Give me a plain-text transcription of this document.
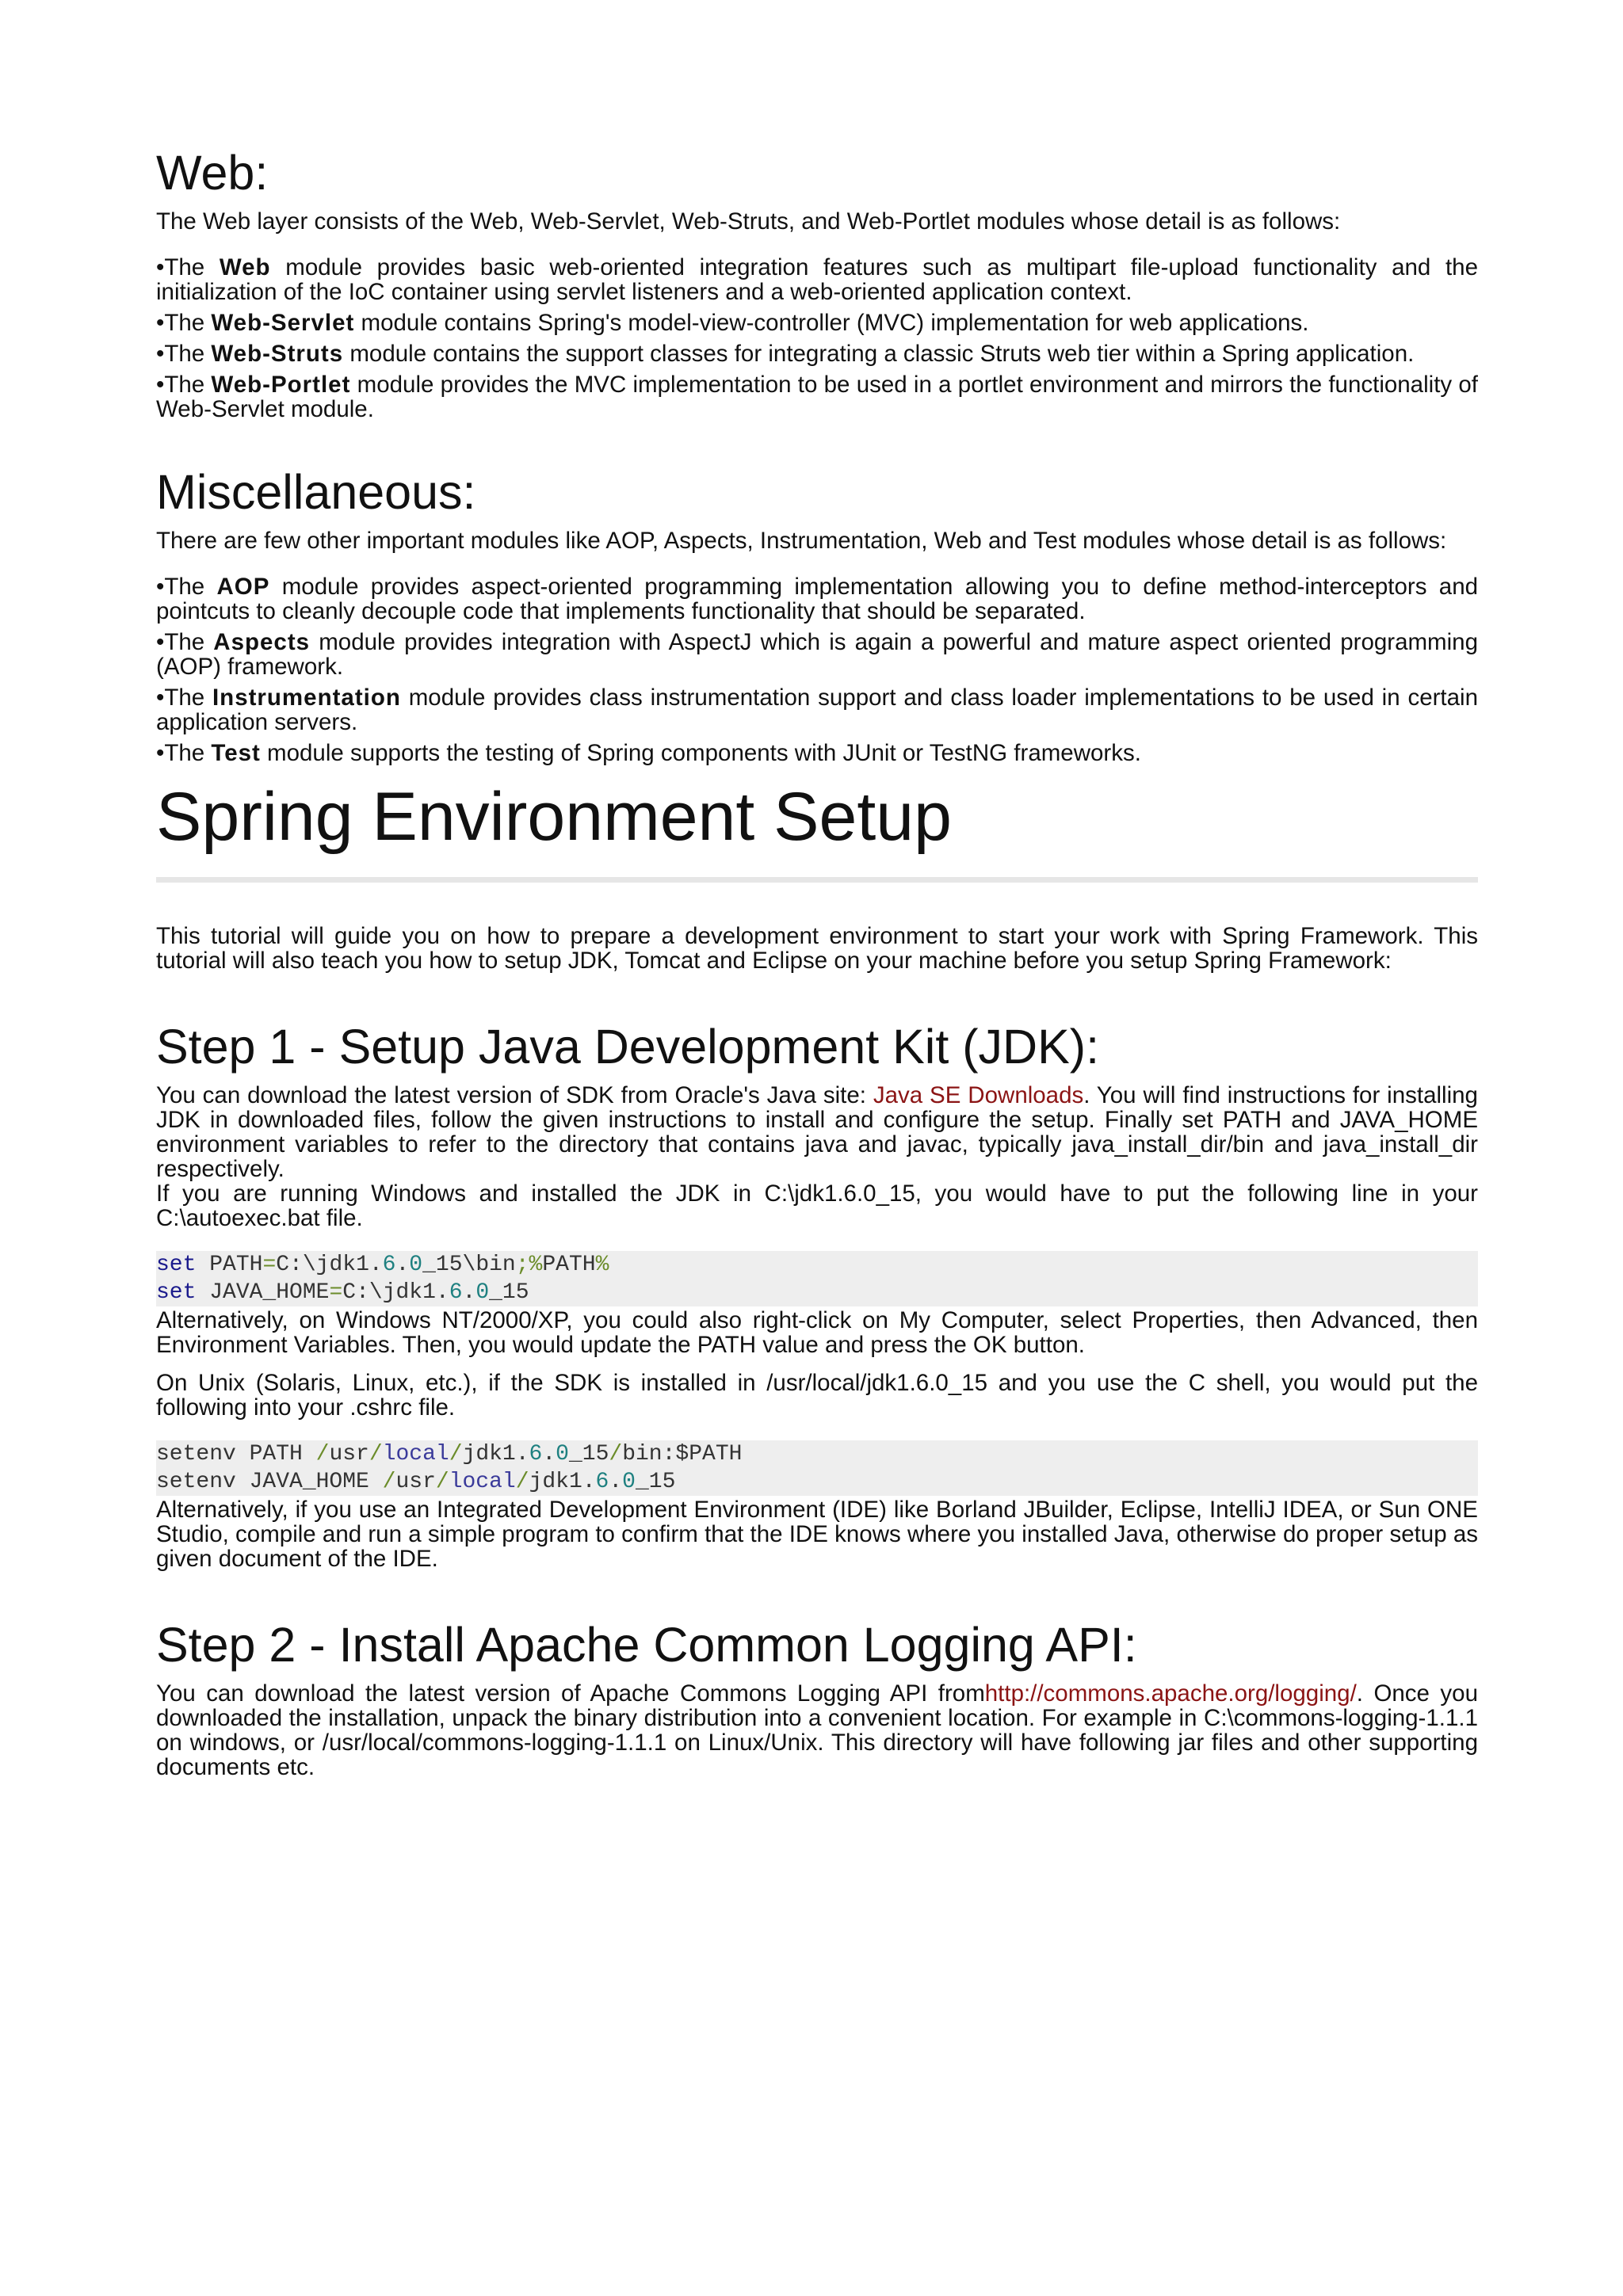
Web:

The Web layer consists of the Web, Web-Servlet, Web-Struts, and Web-Portlet modules whose detail is as follows:

•The Web module provides basic web-oriented integration features such as multipart file-upload functionality and the initialization of the IoC container using servlet listeners and a web-oriented application context.

•The Web-Servlet module contains Spring's model-view-controller (MVC) implementation for web applications.

•The Web-Struts module contains the support classes for integrating a classic Struts web tier within a Spring application.

•The Web-Portlet module provides the MVC implementation to be used in a portlet environment and mirrors the functionality of Web-Servlet module.

Miscellaneous:

There are few other important modules like AOP, Aspects, Instrumentation, Web and Test modules whose detail is as follows:

•The AOP module provides aspect-oriented programming implementation allowing you to define method-interceptors and pointcuts to cleanly decouple code that implements functionality that should be separated.

•The Aspects module provides integration with AspectJ which is again a powerful and mature aspect oriented programming (AOP) framework.

•The Instrumentation module provides class instrumentation support and class loader implementations to be used in certain application servers.

•The Test module supports the testing of Spring components with JUnit or TestNG frameworks.

Spring Environment Setup

This tutorial will guide you on how to prepare a development environment to start your work with Spring Framework. This tutorial will also teach you how to setup JDK, Tomcat and Eclipse on your machine before you setup Spring Framework:

Step 1 - Setup Java Development Kit (JDK):

You can download the latest version of SDK from Oracle's Java site: Java SE Downloads. You will find instructions for installing JDK in downloaded files, follow the given instructions to install and configure the setup. Finally set PATH and JAVA_HOME environment variables to refer to the directory that contains java and javac, typically java_install_dir/bin and java_install_dir respectively.

If you are running Windows and installed the JDK in C:\jdk1.6.0_15, you would have to put the following line in your C:\autoexec.bat file.

set PATH=C:\jdk1.6.0_15\bin;%PATH%
set JAVA_HOME=C:\jdk1.6.0_15

Alternatively, on Windows NT/2000/XP, you could also right-click on My Computer, select Properties, then Advanced, then Environment Variables. Then, you would update the PATH value and press the OK button.

On Unix (Solaris, Linux, etc.), if the SDK is installed in /usr/local/jdk1.6.0_15 and you use the C shell, you would put the following into your .cshrc file.

setenv PATH /usr/local/jdk1.6.0_15/bin:$PATH
setenv JAVA_HOME /usr/local/jdk1.6.0_15

Alternatively, if you use an Integrated Development Environment (IDE) like Borland JBuilder, Eclipse, IntelliJ IDEA, or Sun ONE Studio, compile and run a simple program to confirm that the IDE knows where you installed Java, otherwise do proper setup as given document of the IDE.

Step 2 - Install Apache Common Logging API:

You can download the latest version of Apache Commons Logging API fromhttp://commons.apache.org/logging/. Once you downloaded the installation, unpack the binary distribution into a convenient location. For example in C:\commons-logging-1.1.1 on windows, or /usr/local/commons-logging-1.1.1 on Linux/Unix. This directory will have following jar files and other supporting documents etc.
